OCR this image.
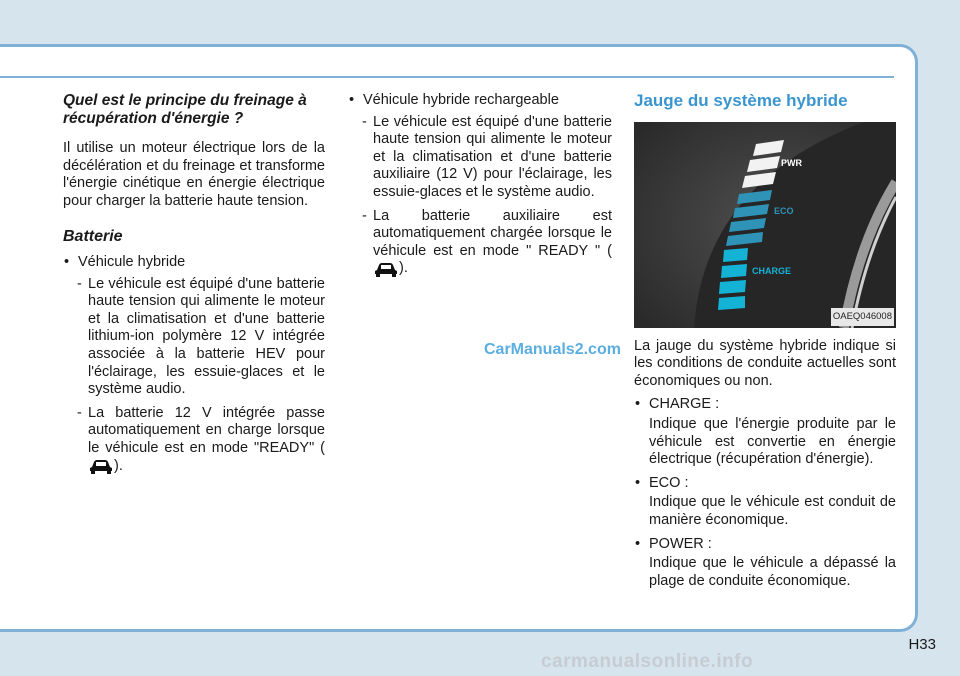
Quel est le principe du freinage à récupération d'énergie ?

Il utilise un moteur électrique lors de la décélération et du freinage et transforme l'énergie cinétique en énergie électrique pour charger la batterie haute tension.

Batterie

• Véhicule hybride
- Le véhicule est équipé d'une batterie haute tension qui alimente le moteur et la climatisation et d'une batterie lithium-ion polymère 12 V intégrée associée à la batterie HEV pour l'éclairage, les essuie-glaces et le système audio.

- La batterie 12 V intégrée passe automatiquement en charge lorsque le véhicule est en mode "READY" ().

• Véhicule hybride rechargeable
- Le véhicule est équipé d'une batterie haute tension qui alimente le moteur et la climatisation et d'une batterie auxiliaire (12 V) pour l'éclairage, les essuie-glaces et le système audio.

- La batterie auxiliaire est automatiquement chargée lorsque le véhicule est en mode " READY " ().

CarManuals2.com

Jauge du système hybride

PWR
ECO
CHARGE
OAEQ046008

La jauge du système hybride indique si les conditions de conduite actuelles sont économiques ou non.

• CHARGE :

Indique que l'énergie produite par le véhicule est convertie en énergie électrique (récupération d'énergie).

• ECO :

Indique que le véhicule est conduit de manière économique.

• POWER :

Indique que le véhicule a dépassé la plage de conduite économique.

H33
carmanualsonline.info
